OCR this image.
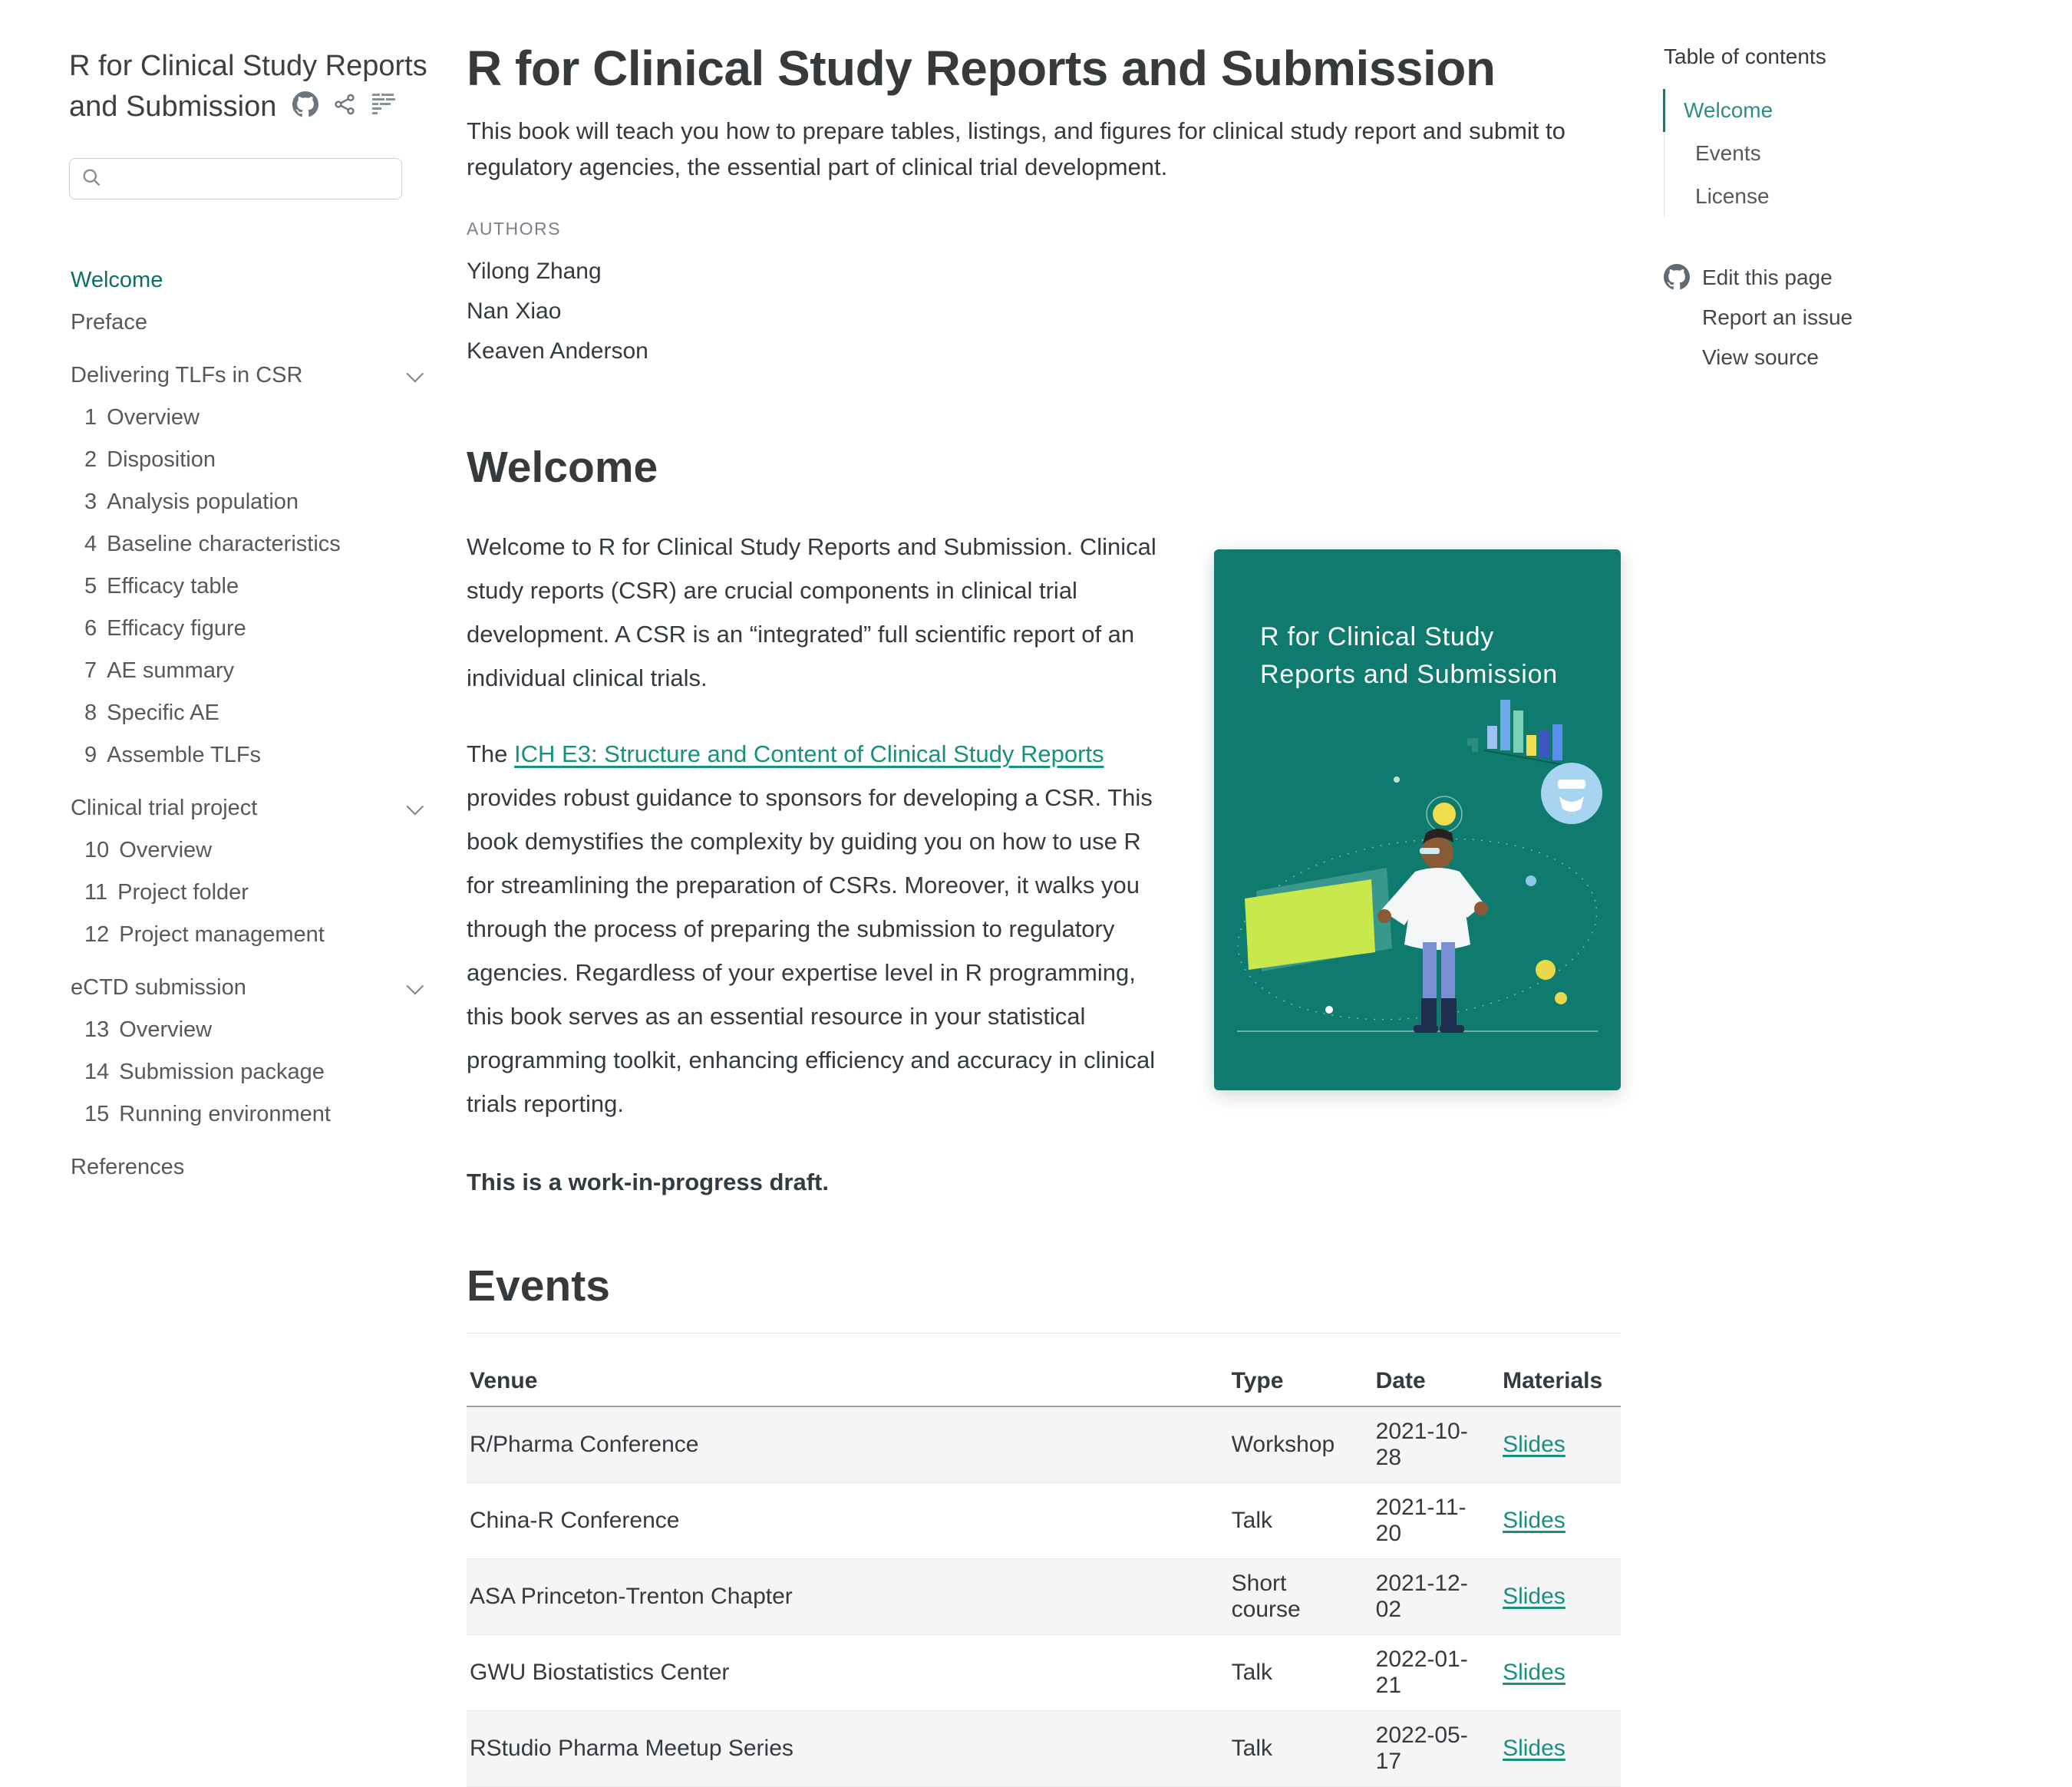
R for Clinical Study Reports and Submission
Welcome
Preface
Delivering TLFs in CSR
1 Overview
2 Disposition
3 Analysis population
4 Baseline characteristics
5 Efficacy table
6 Efficacy figure
7 AE summary
8 Specific AE
9 Assemble TLFs
Clinical trial project
10 Overview
11 Project folder
12 Project management
eCTD submission
13 Overview
14 Submission package
15 Running environment
References
R for Clinical Study Reports and Submission

This book will teach you how to prepare tables, listings, and figures for clinical study report and submit to regulatory agencies, the essential part of clinical trial development.

AUTHORS
Yilong Zhang
Nan Xiao
Keaven Anderson
Welcome
R for Clinical Study
Reports and Submission

Welcome to R for Clinical Study Reports and Submission. Clinical study reports (CSR) are crucial components in clinical trial development. A CSR is an “integrated” full scientific report of an individual clinical trials.

The ICH E3: Structure and Content of Clinical Study Reports provides robust guidance to sponsors for developing a CSR. This book demystifies the complexity by guiding you on how to use R for streamlining the preparation of CSRs. Moreover, it walks you through the process of preparing the submission to regulatory agencies. Regardless of your expertise level in R programming, this book serves as an essential resource in your statistical programming toolkit, enhancing efficiency and accuracy in clinical trials reporting.

This is a work-in-progress draft.

Events
Venue	Type	Date	Materials
R/Pharma Conference	Workshop	2021-10-28	Slides
China-R Conference	Talk	2021-11-20	Slides
ASA Princeton-Trenton Chapter	Short course	2021-12-02	Slides
GWU Biostatistics Center	Talk	2022-01-21	Slides
RStudio Pharma Meetup Series	Talk	2022-05-17	Slides
Table of contents
Welcome
Events
License
Edit this page
Report an issue
View source
